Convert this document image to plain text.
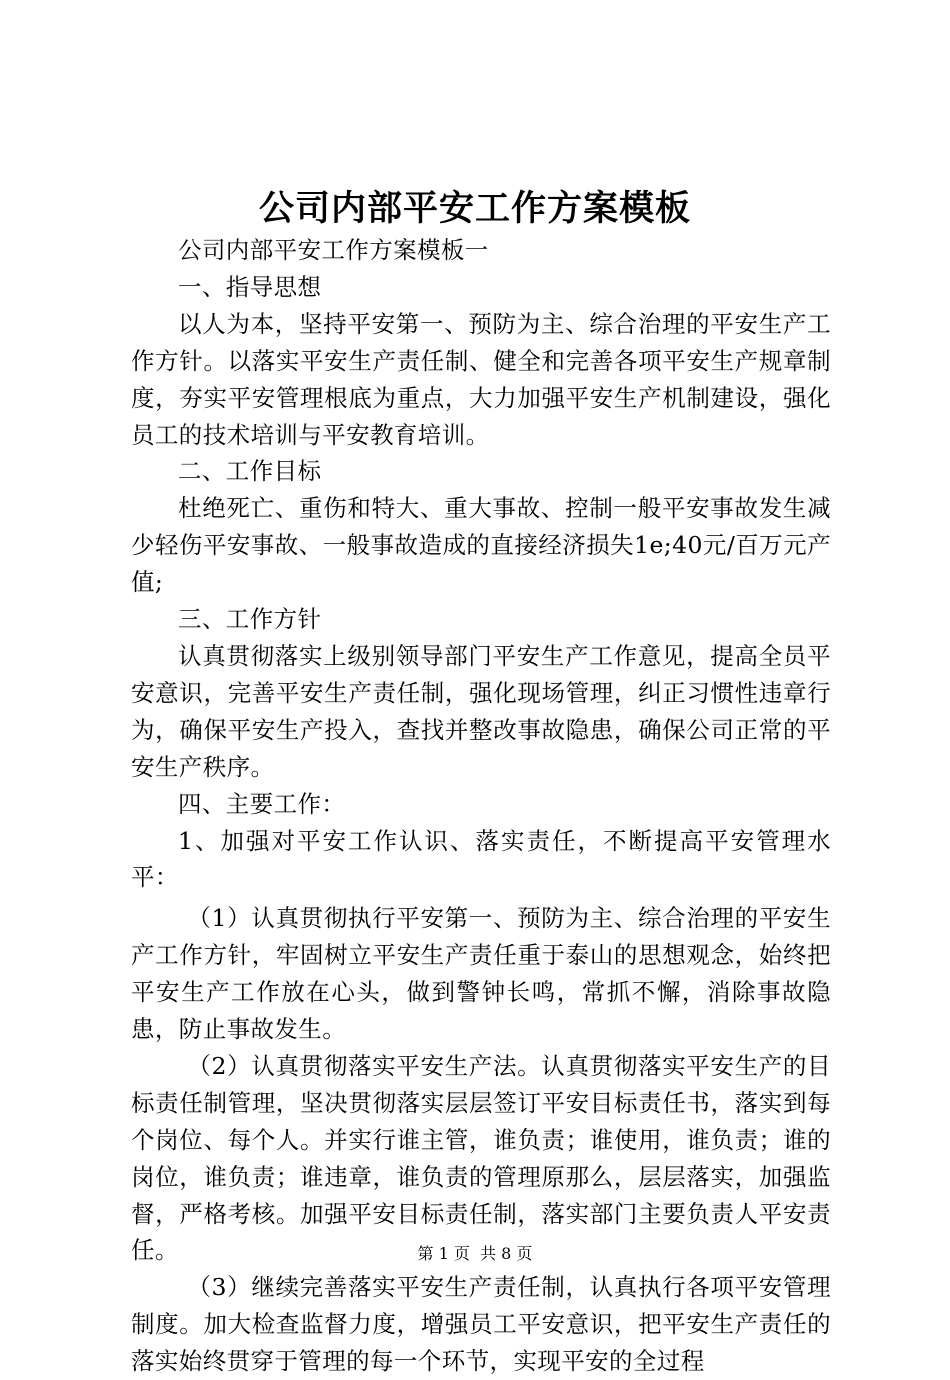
公司内部平安工作方案模板

公司内部平安工作方案模板一

一、指导思想

以人为本，坚持平安第一、预防为主、综合治理的平安生产工作方针。以落实平安生产责任制、健全和完善各项平安生产规章制度，夯实平安管理根底为重点，大力加强平安生产机制建设，强化员工的技术培训与平安教育培训。

二、工作目标

杜绝死亡、重伤和特大、重大事故、控制一般平安事故发生减少轻伤平安事故、一般事故造成的直接经济损失1e;40元/百万元产值;

三、工作方针

认真贯彻落实上级别领导部门平安生产工作意见，提高全员平安意识，完善平安生产责任制，强化现场管理，纠正习惯性违章行为，确保平安生产投入，查找并整改事故隐患，确保公司正常的平安生产秩序。

四、主要工作：

1、加强对平安工作认识、落实责任，不断提高平安管理水平：

（1）认真贯彻执行平安第一、预防为主、综合治理的平安生产工作方针，牢固树立平安生产责任重于泰山的思想观念，始终把平安生产工作放在心头，做到警钟长鸣，常抓不懈，消除事故隐患，防止事故发生。

（2）认真贯彻落实平安生产法。认真贯彻落实平安生产的目标责任制管理，坚决贯彻落实层层签订平安目标责任书，落实到每个岗位、每个人。并实行谁主管，谁负责；谁使用，谁负责；谁的岗位，谁负责；谁违章，谁负责的管理原那么，层层落实，加强监督，严格考核。加强平安目标责任制，落实部门主要负责人平安责任。

（3）继续完善落实平安生产责任制，认真执行各项平安管理制度。加大检查监督力度，增强员工平安意识，把平安生产责任的落实始终贯穿于管理的每一个环节，实现平安的全过程

第 1 页  共 8 页
